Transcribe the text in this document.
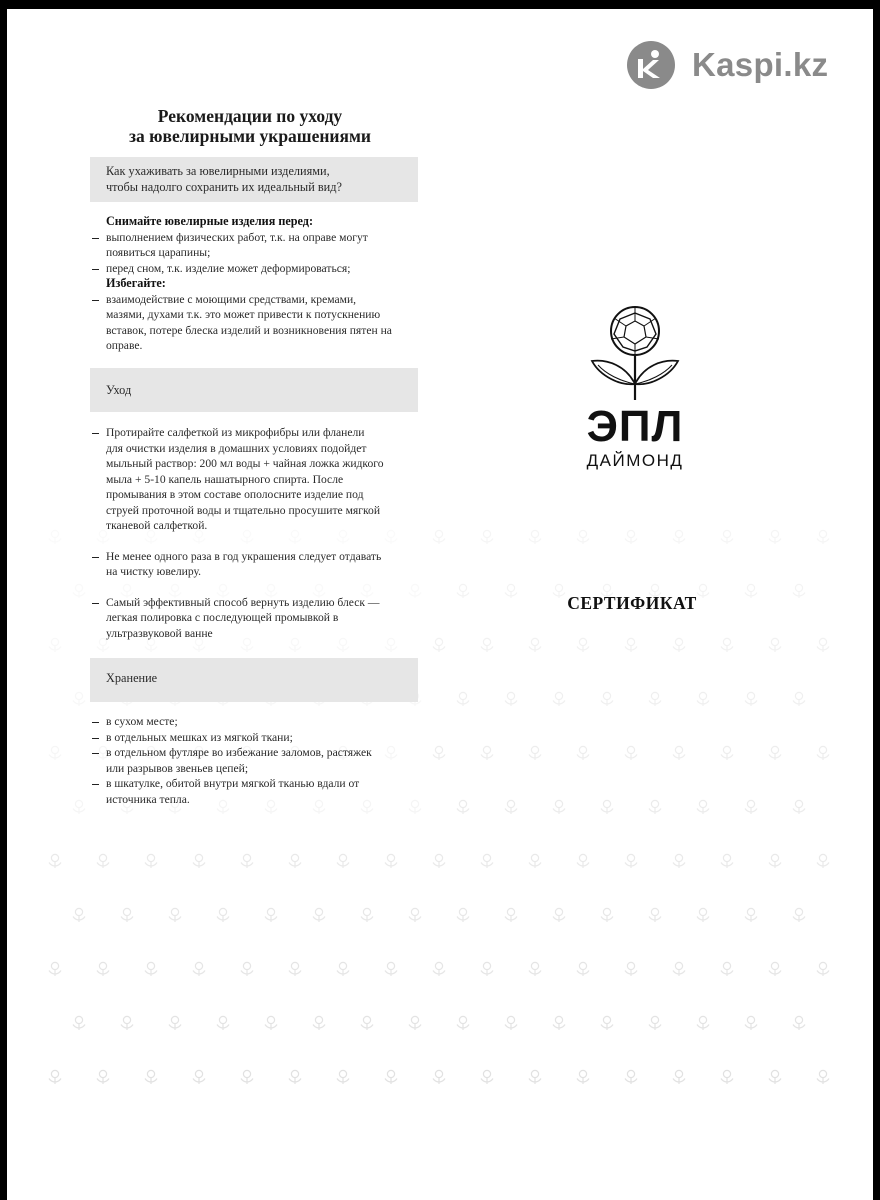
Kaspi.kz
Рекомендации по уходу
за ювелирными украшениями
Как ухаживать за ювелирными изделиями,
чтобы надолго сохранить их идеальный вид?
Снимайте ювелирные изделия перед:
выполнением физических работ, т.к. на оправе могут
появиться царапины;
перед сном, т.к. изделие может деформироваться;
Избегайте:
взаимодействие с моющими средствами, кремами,
мазями, духами т.к. это может привести к потускнению
вставок, потере блеска изделий и возникновения пятен на
оправе.
Уход
Протирайте салфеткой из микрофибры или фланели
для очистки изделия в домашних условиях подойдет
мыльный раствор: 200 мл воды + чайная ложка жидкого
мыла + 5-10 капель нашатырного спирта. После
промывания в этом составе ополосните изделие под
струей проточной воды и тщательно просушите мягкой
тканевой салфеткой.
Не менее одного раза в год украшения следует отдавать
на чистку ювелиру.
Самый эффективный способ вернуть изделию блеск —
легкая полировка с последующей промывкой в
ультразвуковой ванне
Хранение
в сухом месте;
в отдельных мешках из мягкой ткани;
в отдельном футляре во избежание заломов, растяжек
или разрывов звеньев цепей;
в шкатулке, обитой внутри мягкой тканью вдали от
источника тепла.
ЭПЛ
ДАЙМОНД
СЕРТИФИКАТ
